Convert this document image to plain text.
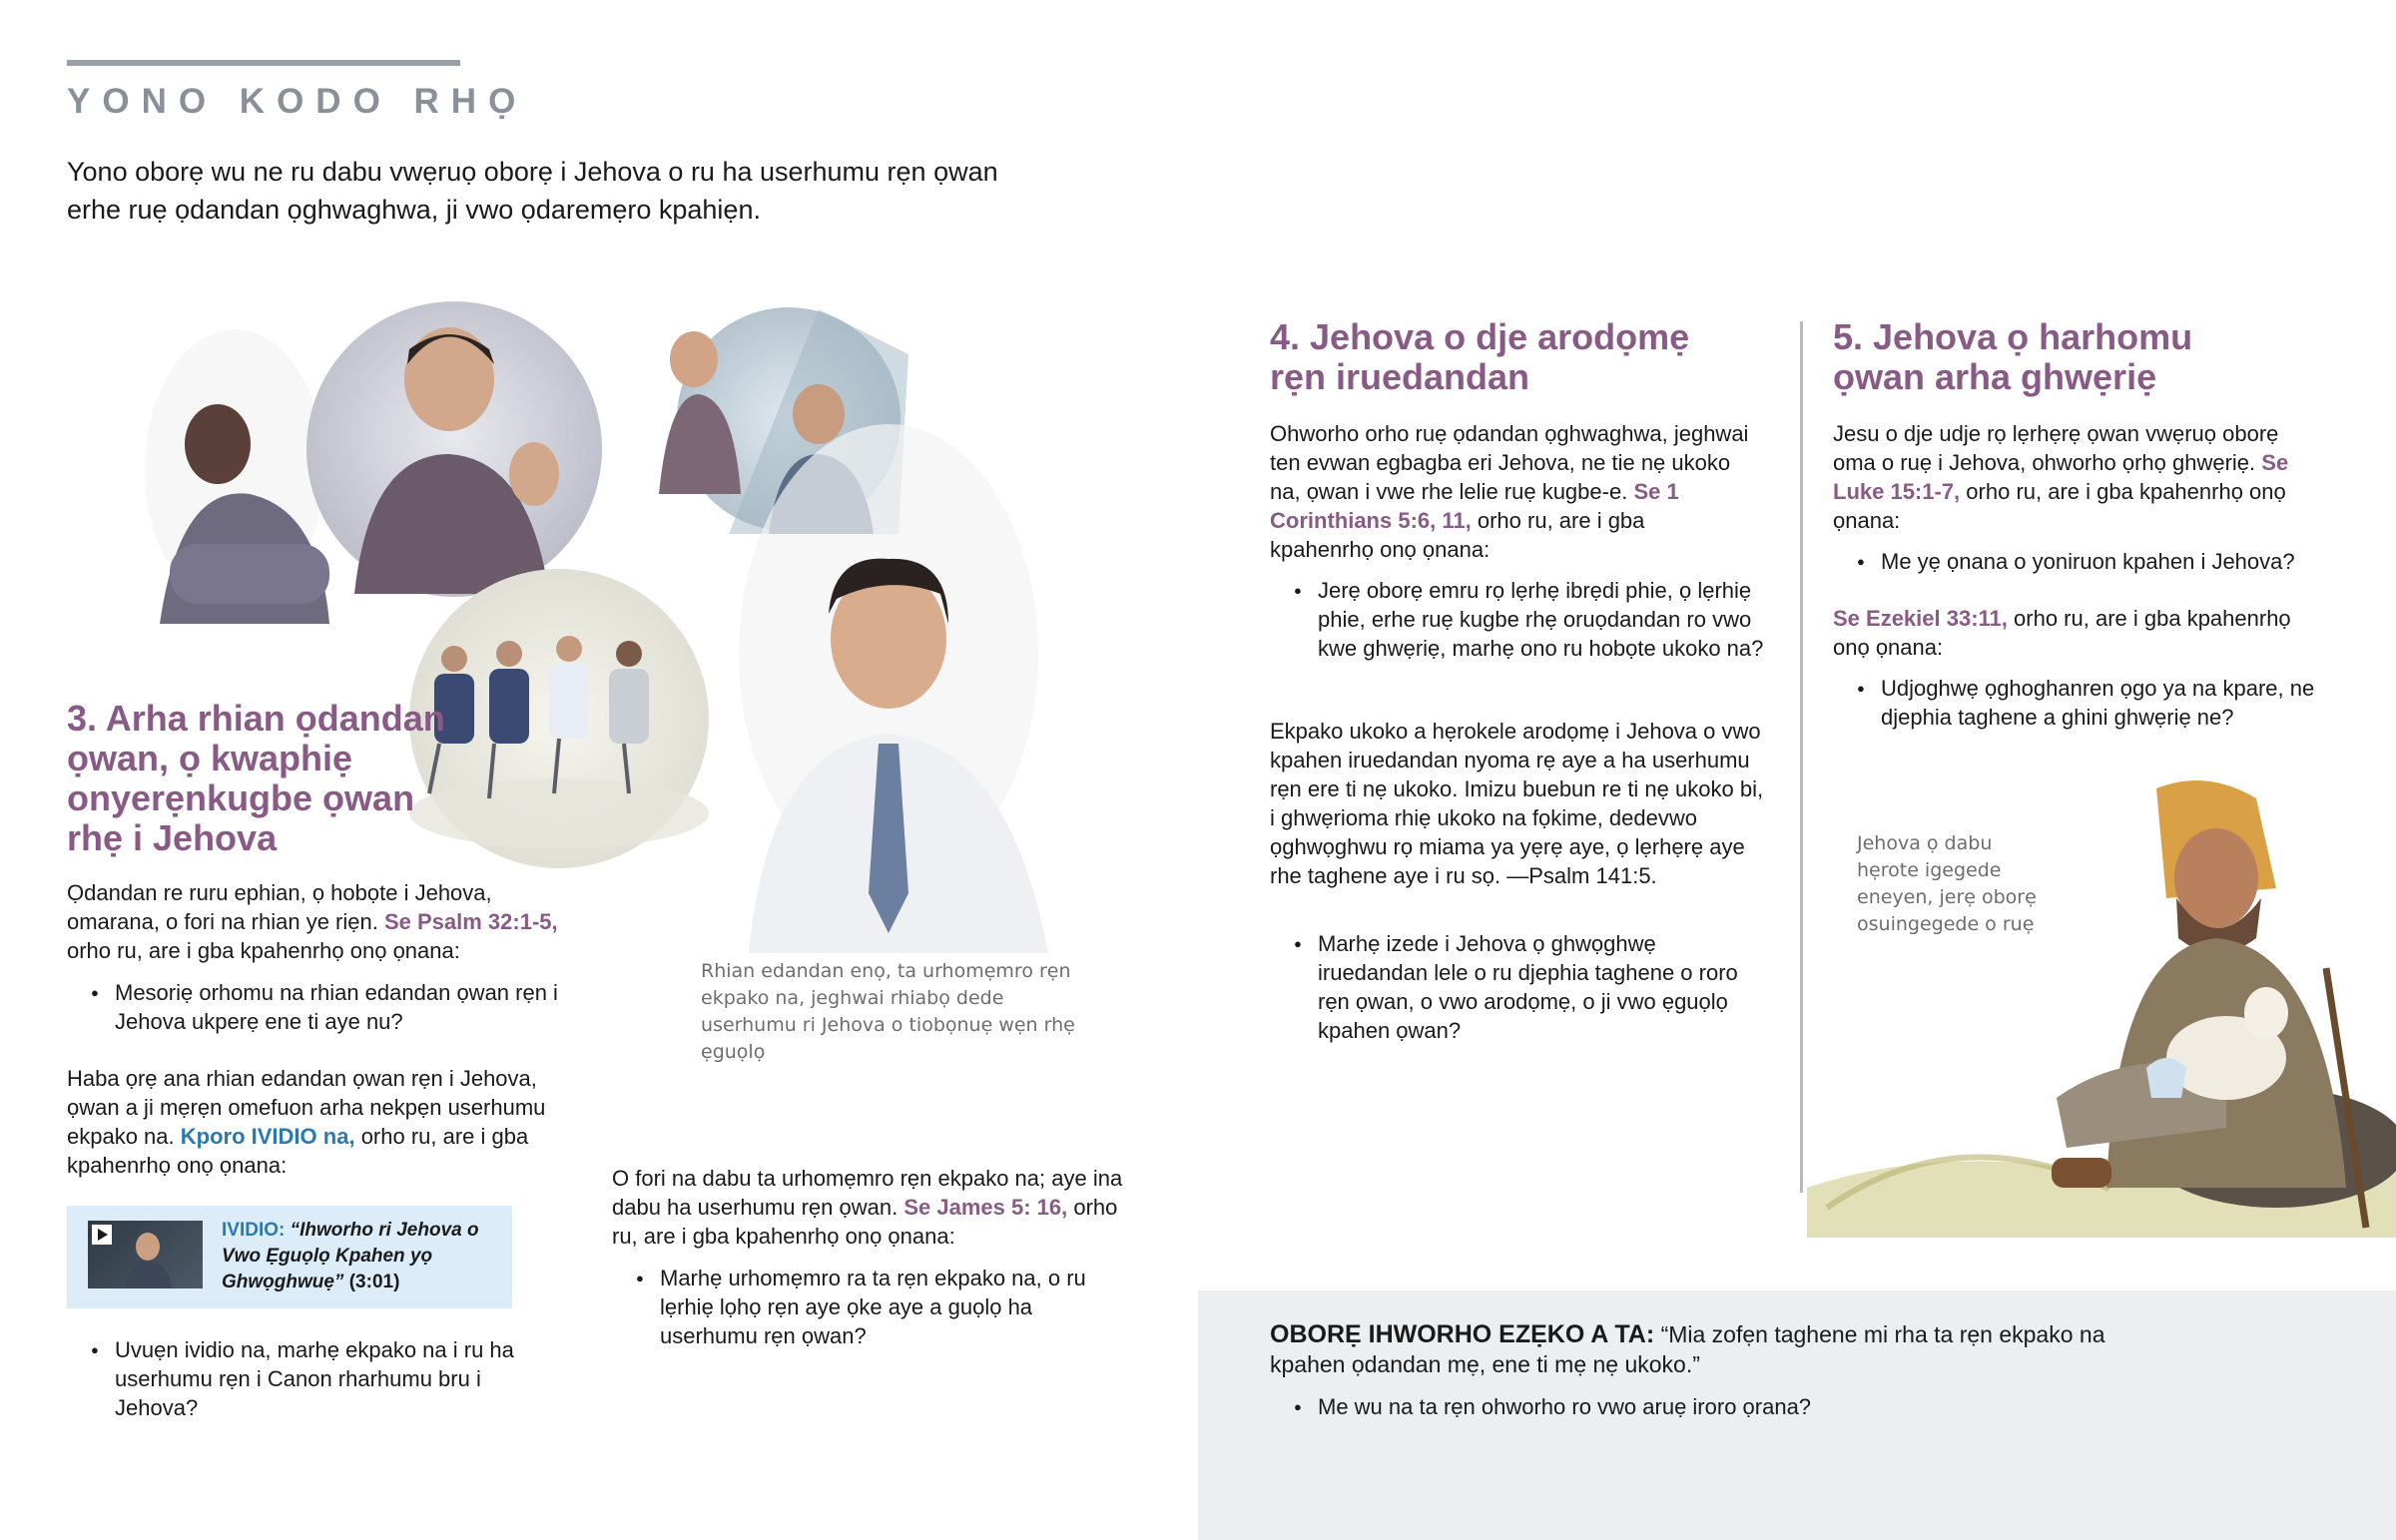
YONO KODO RHỌ
Yono oborẹ wu ne ru dabu vwẹruọ oborẹ i Jehova o ru ha userhumu rẹn ọwan erhe ruẹ ọdandan ọghwaghwa, ji vwo ọdaremẹro kpahiẹn.
3. Arha rhian ọdandan ọwan, ọ kwaphiẹ onyerẹnkugbe ọwan rhẹ i Jehova
Ọdandan re ruru ephian, ọ hobọte i Jehova, omarana, o fori na rhian ye riẹn. Se Psalm 32:1-5, orho ru, are i gba kpahenrhọ onọ ọnana:
● Mesoriẹ orhomu na rhian edandan ọwan rẹn i Jehova ukperẹ ene ti aye nu?
Haba ọrẹ ana rhian edandan ọwan rẹn i Jehova, ọwan a ji mẹrẹn omefuon arha nekpẹn userhumu ekpako na. Kporo IVIDIO na, orho ru, are i gba kpahenrhọ onọ ọnana:
IVIDIO: “Ihworho ri Jehova o Vwo Ẹguọlọ Kpahen yọ Ghwọghwuẹ” (3:01)
● Uvuẹn ividio na, marhẹ ekpako na i ru ha userhumu rẹn i Canon rharhumu bru i Jehova?
Rhian edandan enọ, ta urhomẹmro rẹn ekpako na, jeghwai rhiabọ dede userhumu ri Jehova o tiobọnuẹ wẹn rhẹ ẹguọlọ
O fori na dabu ta urhomẹmro rẹn ekpako na; aye ina dabu ha userhumu rẹn ọwan. Se James 5: 16, orho ru, are i gba kpahenrhọ onọ ọnana:
● Marhẹ urhomẹmro ra ta rẹn ekpako na, o ru lẹrhiẹ lọhọ rẹn aye ọke aye a guọlọ ha userhumu rẹn ọwan?
4. Jehova o dje arodọmẹ rẹn iruedandan
Ohworho orho ruẹ ọdandan ọghwaghwa, jeghwai ten evwan egbagba eri Jehova, ne tie nẹ ukoko na, ọwan i vwe rhe lelie ruẹ kugbe-e. Se 1 Corinthians 5:6, 11, orho ru, are i gba kpahenrhọ onọ ọnana:
● Jerẹ oborẹ emru rọ lẹrhẹ ibrẹdi phie, ọ lẹrhiẹ phie, erhe ruẹ kugbe rhẹ oruọdandan ro vwo kwe ghwẹriẹ, marhẹ ono ru hobọte ukoko na?
Ekpako ukoko a hẹrokele arodọmẹ i Jehova o vwo kpahen iruedandan nyoma rẹ aye a ha userhumu rẹn ere ti nẹ ukoko. Imizu buebun re ti nẹ ukoko bi, i ghwẹrioma rhiẹ ukoko na fọkime, dedevwo ọghwọghwu rọ miama ya yẹrẹ aye, ọ lẹrhẹrẹ aye rhe taghene aye i ru sọ. —Psalm 141:5.
● Marhẹ izede i Jehova ọ ghwọghwẹ iruedandan lele o ru djephia taghene o roro rẹn ọwan, o vwo arodọmẹ, o ji vwo ẹguọlọ kpahen ọwan?
5. Jehova ọ harhomu ọwan arha ghwẹriẹ
Jesu o dje udje rọ lẹrhẹrẹ ọwan vwẹruọ oborẹ oma o ruẹ i Jehova, ohworho ọrhọ ghwẹriẹ. Se Luke 15:1-7, orho ru, are i gba kpahenrhọ onọ ọnana:
● Me yẹ ọnana o yoniruon kpahen i Jehova?
Se Ezekiel 33:11, orho ru, are i gba kpahenrhọ onọ ọnana:
● Udjoghwẹ ọghoghanren ọgo ya na kpare, ne djephia taghene a ghini ghwẹriẹ ne?
Jehova ọ dabu hẹrote igegede eneyen, jerẹ oborẹ osuingegede o ruẹ
OBORẸ IHWORHO EZẸKO A TA: “Mia zofẹn taghene mi rha ta rẹn ekpako na kpahen ọdandan mẹ, ene ti mẹ nẹ ukoko.”
● Me wu na ta rẹn ohworho ro vwo aruẹ iroro ọrana?
